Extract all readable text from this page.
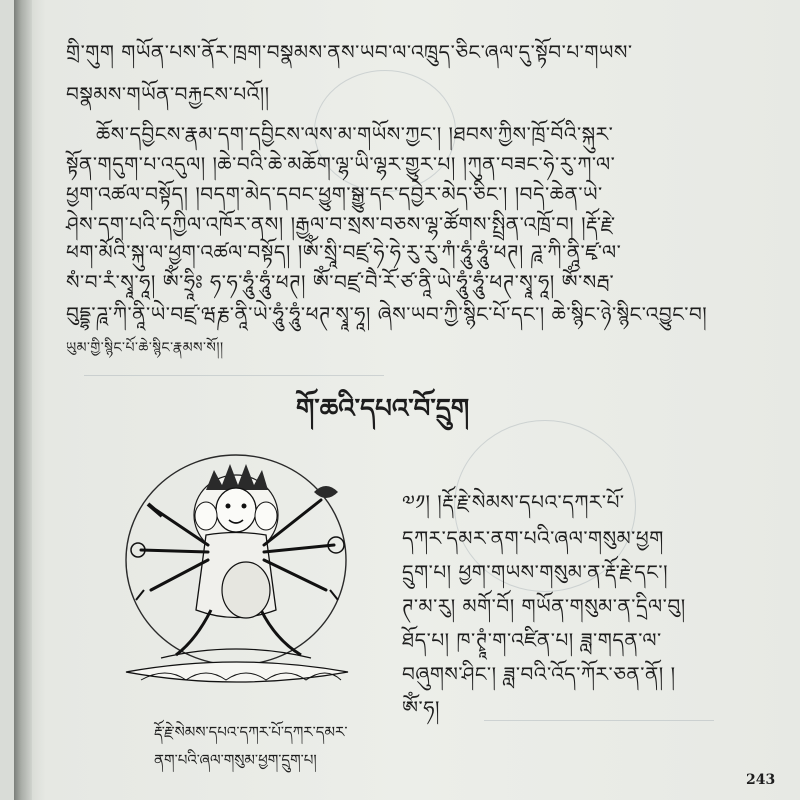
གྲི་གུག གཡོན་པས་ནོར་ཁྲག་བསྣམས་ནས་ཡབ་ལ་འཁྲུད་ཅིང་ཞལ་དུ་སྟོབ་པ་གཡས་
བསྣམས་གཡོན་བརྐྱངས་པའོ།།
ཆོས་དབྱིངས་རྣམ་དག་དབྱིངས་ལས་མ་གཡོས་ཀྱང་། །ཐབས་ཀྱིས་ཁྲོ་བོའི་སྐུར་
སྟོན་གདུག་པ་འདུལ། །ཆེ་བའི་ཆེ་མཆོག་ལྷ་ཡི་ལྷར་གྱུར་པ། །ཀུན་བཟང་ཧེ་རུ་ཀ་ལ་
ཕྱག་འཚལ་བསྟོད། །བདག་མེད་དབང་ཕྱུག་སྒྱུ་དང་དབྱེར་མེད་ཅིང་། །བདེ་ཆེན་ཡེ་
ཤེས་དག་པའི་དཀྱིལ་འཁོར་ནས། །རྒྱལ་བ་སྲས་བཅས་ལྷ་ཚོགས་སྤྲིན་འཁྲོ་བ། །རྡོ་རྗེ་
ཕག་མོའི་སྐུ་ལ་ཕྱག་འཚལ་བསྟོད། །ཨོཾ་སྲཱི་བཛྲ་ཧེ་ཧེ་རུ་རུ་ཀཾ་ཧཱུཾ་ཧཱུཾ་ཕཊ། ཌཱ་ཀི་ནཱི་ཛྭ་ལ་
སཾ་བ་རཾ་སྭཱ་ཧཱ། ཨོཾ་ཧྲཱིཿ ཧ་ཧ་ཧཱུཾ་ཧཱུཾ་ཕཊ། ཨོཾ་བཛྲ་བཻ་རོ་ཙ་ནཱི་ཡེ་ཧཱུཾ་ཧཱུཾ་ཕཊ་སྭཱ་ཧཱ། ཨོཾ་སརྦ་
བུདྡྷ་ཌཱ་ཀི་ནཱི་ཡེ་བཛྲ་ཝརྞ་ནཱི་ཡེ་ཧཱུཾ་ཧཱུཾ་ཕཊ་སྭཱ་ཧཱ། ཞེས་ཡབ་ཀྱི་སྙིང་པོ་དང་། ཆེ་སྙིང་ཉེ་སྙིང་འབྱུང་བ།
ཡུམ་གྱི་སྙིང་པོ་ཆེ་སྙིང་རྣམས་སོ།།
གོ་ཆའི་དཔའ་བོ་དྲུག
༧༡། །རྡོ་རྗེ་སེམས་དཔའ་དཀར་པོ་
དཀར་དམར་ནག་པའི་ཞལ་གསུམ་ཕྱག
དྲུག་པ། ཕྱག་གཡས་གསུམ་ན་རྡོ་རྗེ་དང་།
ཊ་མ་རུ། མགོ་བོ། གཡོན་གསུམ་ན་དྲིལ་བུ།
ཐོད་པ། ཁ་ཊྭཱཾ་ག་འཛིན་པ། ཟླ་གདན་ལ་
བཞུགས་ཤིང་། ཟླ་བའི་འོད་ཀོར་ཅན་ནོ། །
ཨོཾ་ཧ།
རྡོ་རྗེ་སེམས་དཔའ་དཀར་པོ་དཀར་དམར་
ནག་པའི་ཞལ་གསུམ་ཕྱག་དྲུག་པ།
243
